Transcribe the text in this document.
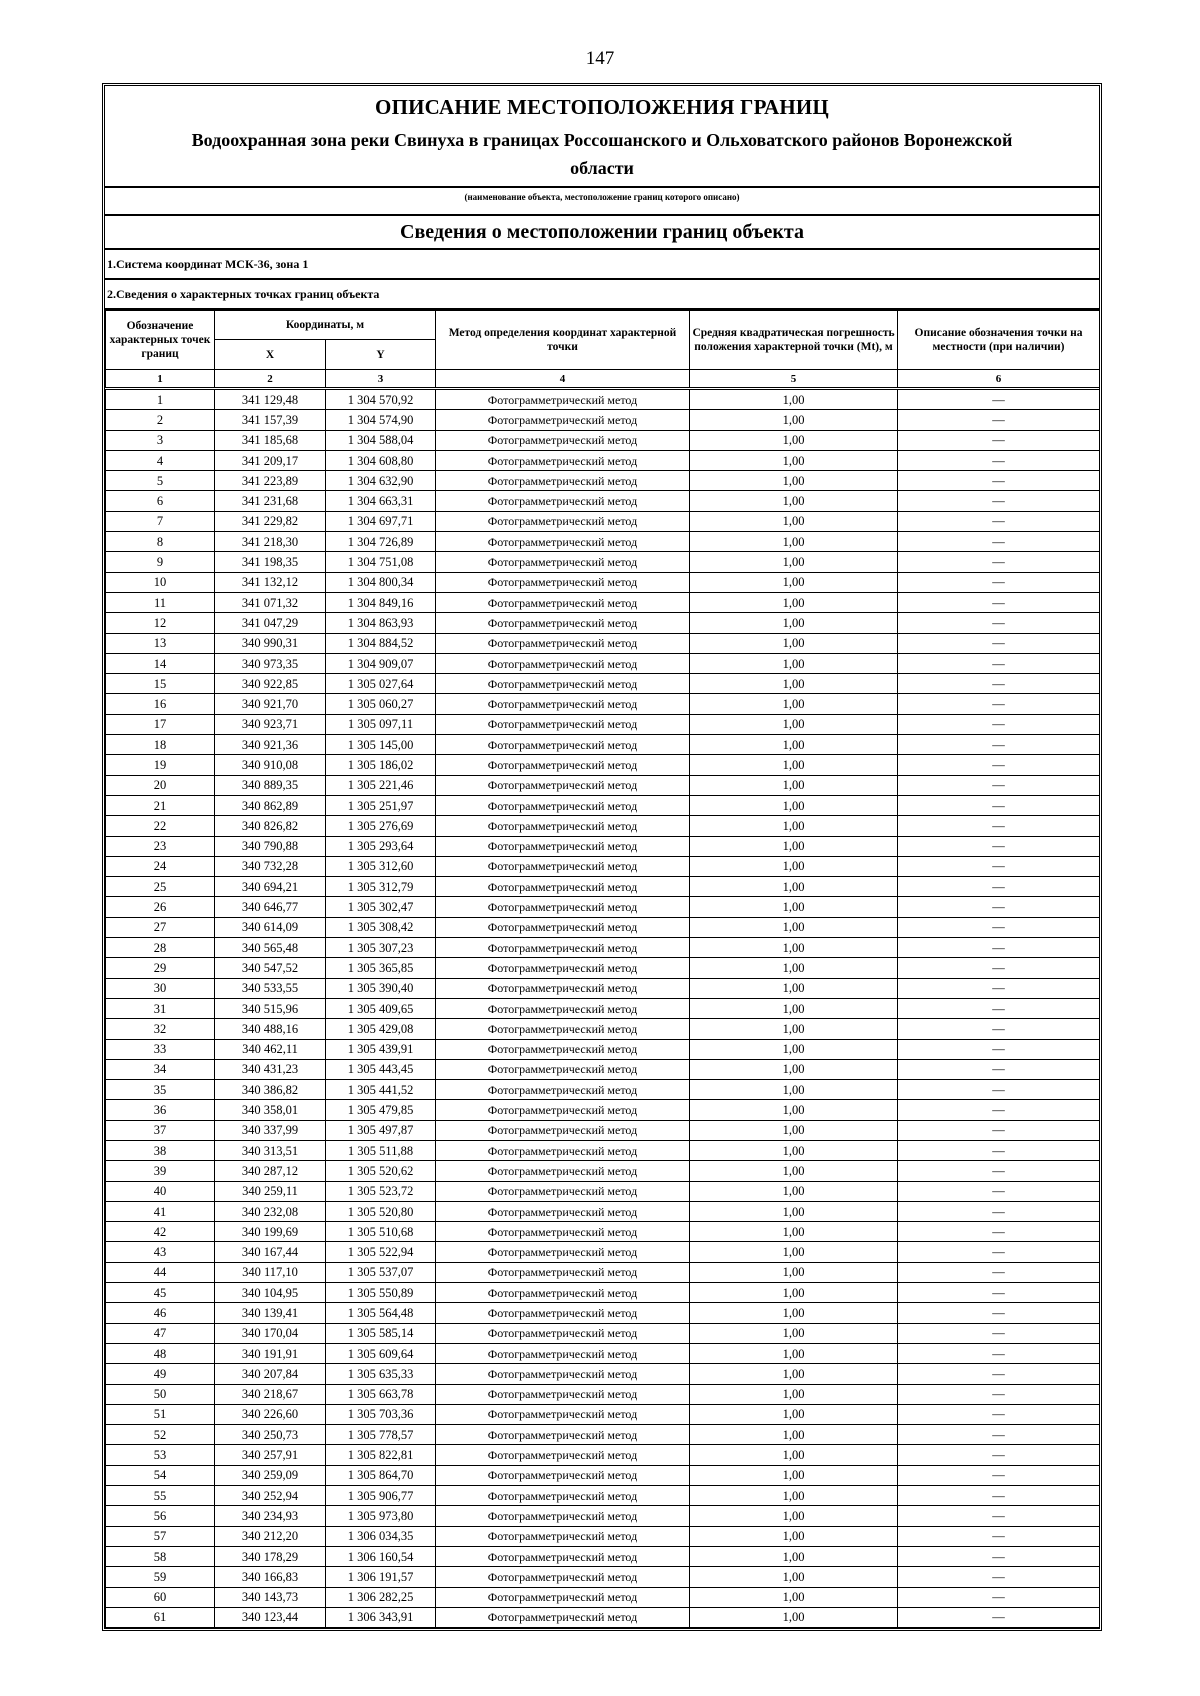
147
ОПИСАНИЕ МЕСТОПОЛОЖЕНИЯ ГРАНИЦ
Водоохранная зона реки Свинуха в границах Россошанского и Ольховатского районов Воронежской области
(наименование объекта, местоположение границ которого описано)
Сведения о местоположении границ объекта
1.Система координат МСК-36, зона 1
2.Сведения о характерных точках границ объекта
Обозначение характерных точек границ	Координаты, м		Метод определения координат характерной точки	Средняя квадратическая погрешность положения характерной точки (Mt), м	Описание обозначения точки на местности (при наличии)
	X	Y			
1	2	3	4	5	6
1	341 129,48	1 304 570,92	Фотограмметрический метод	1,00	—
2	341 157,39	1 304 574,90	Фотограмметрический метод	1,00	—
3	341 185,68	1 304 588,04	Фотограмметрический метод	1,00	—
4	341 209,17	1 304 608,80	Фотограмметрический метод	1,00	—
5	341 223,89	1 304 632,90	Фотограмметрический метод	1,00	—
6	341 231,68	1 304 663,31	Фотограмметрический метод	1,00	—
7	341 229,82	1 304 697,71	Фотограмметрический метод	1,00	—
8	341 218,30	1 304 726,89	Фотограмметрический метод	1,00	—
9	341 198,35	1 304 751,08	Фотограмметрический метод	1,00	—
10	341 132,12	1 304 800,34	Фотограмметрический метод	1,00	—
11	341 071,32	1 304 849,16	Фотограмметрический метод	1,00	—
12	341 047,29	1 304 863,93	Фотограмметрический метод	1,00	—
13	340 990,31	1 304 884,52	Фотограмметрический метод	1,00	—
14	340 973,35	1 304 909,07	Фотограмметрический метод	1,00	—
15	340 922,85	1 305 027,64	Фотограмметрический метод	1,00	—
16	340 921,70	1 305 060,27	Фотограмметрический метод	1,00	—
17	340 923,71	1 305 097,11	Фотограмметрический метод	1,00	—
18	340 921,36	1 305 145,00	Фотограмметрический метод	1,00	—
19	340 910,08	1 305 186,02	Фотограмметрический метод	1,00	—
20	340 889,35	1 305 221,46	Фотограмметрический метод	1,00	—
21	340 862,89	1 305 251,97	Фотограмметрический метод	1,00	—
22	340 826,82	1 305 276,69	Фотограмметрический метод	1,00	—
23	340 790,88	1 305 293,64	Фотограмметрический метод	1,00	—
24	340 732,28	1 305 312,60	Фотограмметрический метод	1,00	—
25	340 694,21	1 305 312,79	Фотограмметрический метод	1,00	—
26	340 646,77	1 305 302,47	Фотограмметрический метод	1,00	—
27	340 614,09	1 305 308,42	Фотограмметрический метод	1,00	—
28	340 565,48	1 305 307,23	Фотограмметрический метод	1,00	—
29	340 547,52	1 305 365,85	Фотограмметрический метод	1,00	—
30	340 533,55	1 305 390,40	Фотограмметрический метод	1,00	—
31	340 515,96	1 305 409,65	Фотограмметрический метод	1,00	—
32	340 488,16	1 305 429,08	Фотограмметрический метод	1,00	—
33	340 462,11	1 305 439,91	Фотограмметрический метод	1,00	—
34	340 431,23	1 305 443,45	Фотограмметрический метод	1,00	—
35	340 386,82	1 305 441,52	Фотограмметрический метод	1,00	—
36	340 358,01	1 305 479,85	Фотограмметрический метод	1,00	—
37	340 337,99	1 305 497,87	Фотограмметрический метод	1,00	—
38	340 313,51	1 305 511,88	Фотограмметрический метод	1,00	—
39	340 287,12	1 305 520,62	Фотограмметрический метод	1,00	—
40	340 259,11	1 305 523,72	Фотограмметрический метод	1,00	—
41	340 232,08	1 305 520,80	Фотограмметрический метод	1,00	—
42	340 199,69	1 305 510,68	Фотограмметрический метод	1,00	—
43	340 167,44	1 305 522,94	Фотограмметрический метод	1,00	—
44	340 117,10	1 305 537,07	Фотограмметрический метод	1,00	—
45	340 104,95	1 305 550,89	Фотограмметрический метод	1,00	—
46	340 139,41	1 305 564,48	Фотограмметрический метод	1,00	—
47	340 170,04	1 305 585,14	Фотограмметрический метод	1,00	—
48	340 191,91	1 305 609,64	Фотограмметрический метод	1,00	—
49	340 207,84	1 305 635,33	Фотограмметрический метод	1,00	—
50	340 218,67	1 305 663,78	Фотограмметрический метод	1,00	—
51	340 226,60	1 305 703,36	Фотограмметрический метод	1,00	—
52	340 250,73	1 305 778,57	Фотограмметрический метод	1,00	—
53	340 257,91	1 305 822,81	Фотограмметрический метод	1,00	—
54	340 259,09	1 305 864,70	Фотограмметрический метод	1,00	—
55	340 252,94	1 305 906,77	Фотограмметрический метод	1,00	—
56	340 234,93	1 305 973,80	Фотограмметрический метод	1,00	—
57	340 212,20	1 306 034,35	Фотограмметрический метод	1,00	—
58	340 178,29	1 306 160,54	Фотограмметрический метод	1,00	—
59	340 166,83	1 306 191,57	Фотограмметрический метод	1,00	—
60	340 143,73	1 306 282,25	Фотограмметрический метод	1,00	—
61	340 123,44	1 306 343,91	Фотограмметрический метод	1,00	—
